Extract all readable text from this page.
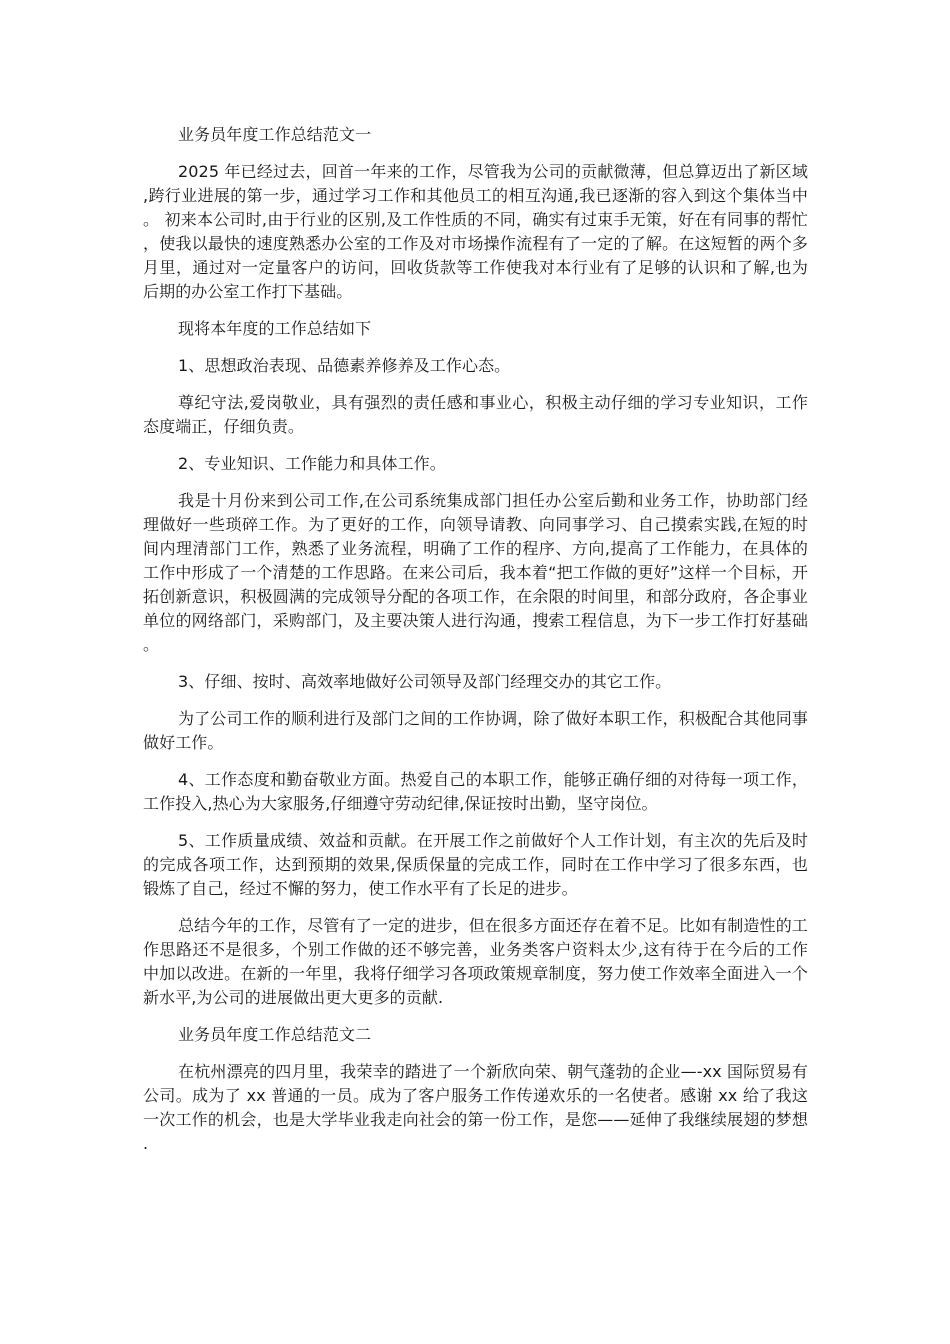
业务员年度工作总结范文一

2025 年已经过去，回首一年来的工作，尽管我为公司的贡献微薄，但总算迈出了新区域,跨行业进展的第一步，通过学习工作和其他员工的相互沟通,我已逐渐的容入到这个集体当中。 初来本公司时,由于行业的区别,及工作性质的不同，确实有过束手无策，好在有同事的帮忙，使我以最快的速度熟悉办公室的工作及对市场操作流程有了一定的了解。在这短暂的两个多月里，通过对一定量客户的访问，回收货款等工作使我对本行业有了足够的认识和了解,也为后期的办公室工作打下基础。

现将本年度的工作总结如下

1、思想政治表现、品德素养修养及工作心态。

尊纪守法,爱岗敬业，具有强烈的责任感和事业心，积极主动仔细的学习专业知识，工作态度端正，仔细负责。

2、专业知识、工作能力和具体工作。

我是十月份来到公司工作,在公司系统集成部门担任办公室后勤和业务工作，协助部门经理做好一些琐碎工作。为了更好的工作，向领导请教、向同事学习、自己摸索实践,在短的时间内理清部门工作，熟悉了业务流程，明确了工作的程序、方向,提高了工作能力，在具体的工作中形成了一个清楚的工作思路。在来公司后，我本着“把工作做的更好”这样一个目标，开拓创新意识，积极圆满的完成领导分配的各项工作，在余限的时间里，和部分政府，各企事业单位的网络部门，采购部门，及主要决策人进行沟通，搜索工程信息，为下一步工作打好基础。

3、仔细、按时、高效率地做好公司领导及部门经理交办的其它工作。

为了公司工作的顺利进行及部门之间的工作协调，除了做好本职工作，积极配合其他同事做好工作。

4、工作态度和勤奋敬业方面。热爱自己的本职工作，能够正确仔细的对待每一项工作，工作投入,热心为大家服务,仔细遵守劳动纪律,保证按时出勤，坚守岗位。

5、工作质量成绩、效益和贡献。在开展工作之前做好个人工作计划，有主次的先后及时的完成各项工作，达到预期的效果,保质保量的完成工作，同时在工作中学习了很多东西，也锻炼了自己，经过不懈的努力，使工作水平有了长足的进步。

总结今年的工作，尽管有了一定的进步，但在很多方面还存在着不足。比如有制造性的工作思路还不是很多，个别工作做的还不够完善，业务类客户资料太少,这有待于在今后的工作中加以改进。在新的一年里，我将仔细学习各项政策规章制度，努力使工作效率全面进入一个新水平,为公司的进展做出更大更多的贡献.

业务员年度工作总结范文二

在杭州漂亮的四月里，我荣幸的踏进了一个新欣向荣、朝气蓬勃的企业—-xx 国际贸易有公司。成为了 xx 普通的一员。成为了客户服务工作传递欢乐的一名使者。感谢 xx 给了我这一次工作的机会，也是大学毕业我走向社会的第一份工作，是您——延伸了我继续展翅的梦想.
